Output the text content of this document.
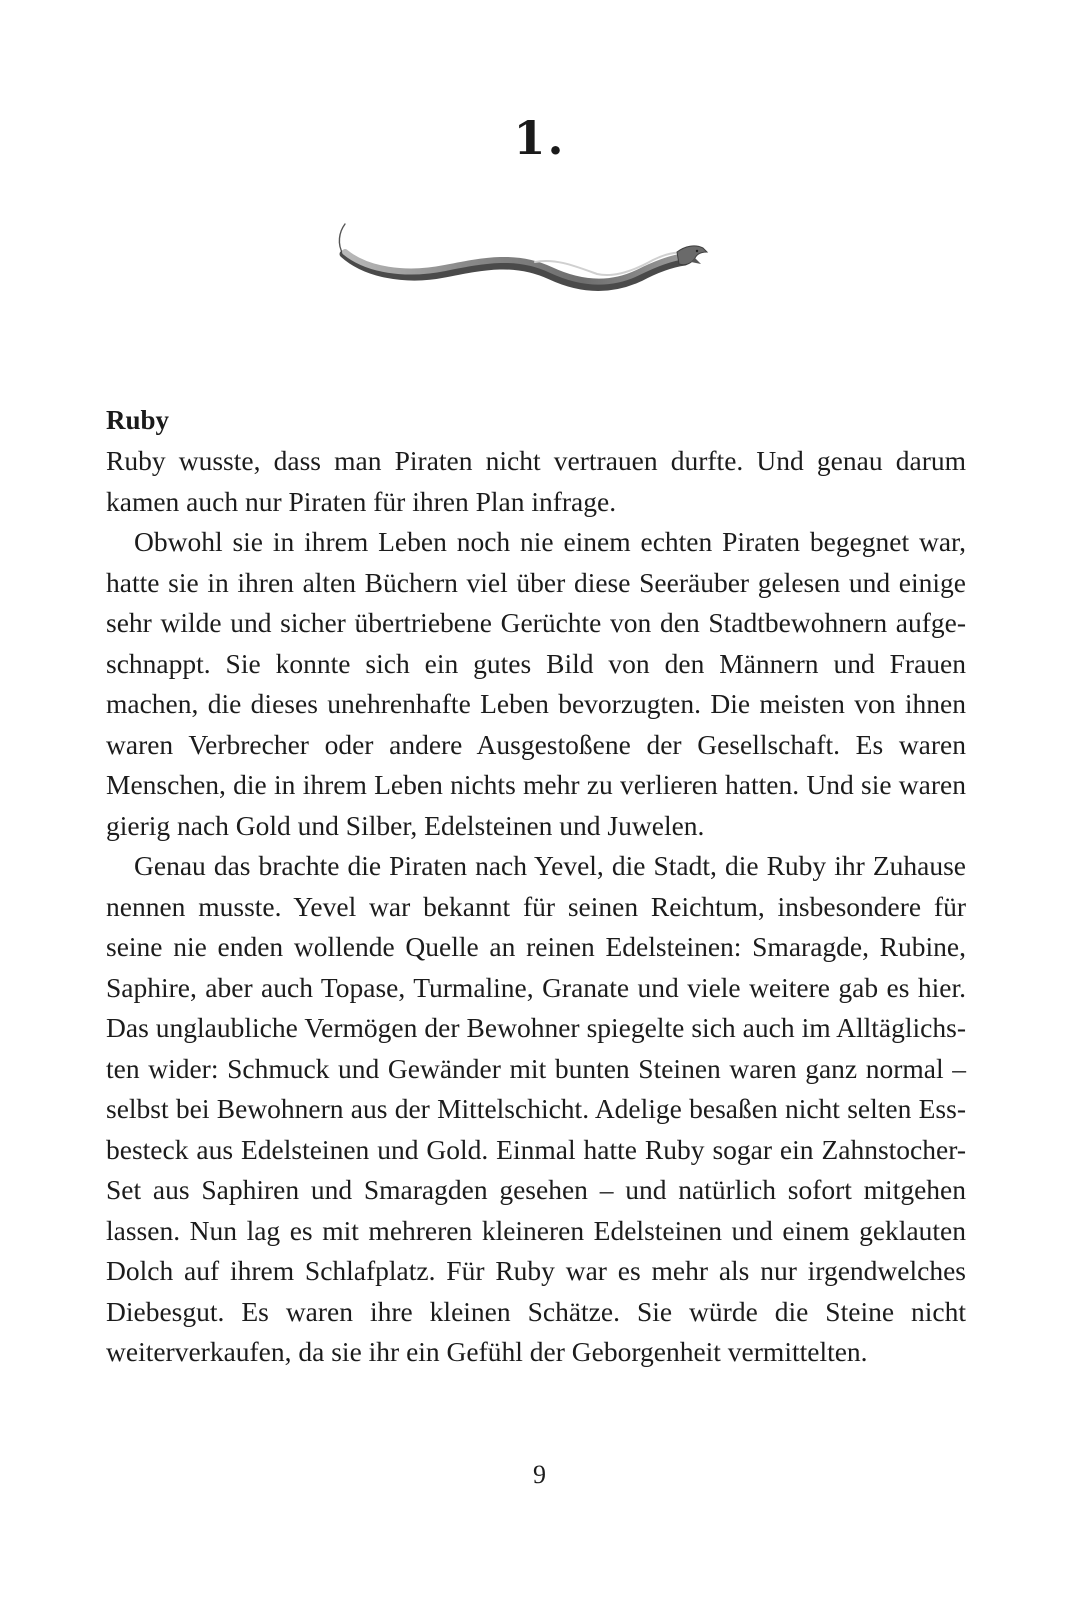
1.
Ruby

Ruby wusste, dass man Piraten nicht vertrauen durfte. Und genau darum kamen auch nur Piraten für ihren Plan infrage.

Obwohl sie in ihrem Leben noch nie einem echten Piraten begegnet war, hatte sie in ihren alten Büchern viel über diese Seeräuber gelesen und einige sehr wilde und sicher übertriebene Gerüchte von den Stadtbewohnern aufgeschnappt. Sie konnte sich ein gutes Bild von den Männern und Frauen machen, die dieses unehrenhafte Leben bevorzugten. Die meisten von ihnen waren Verbrecher oder andere Ausgestoßene der Gesellschaft. Es waren Menschen, die in ihrem Leben nichts mehr zu verlieren hatten. Und sie waren gierig nach Gold und Silber, Edelsteinen und Juwelen.

Genau das brachte die Piraten nach Yevel, die Stadt, die Ruby ihr Zuhause nennen musste. Yevel war bekannt für seinen Reichtum, insbesondere für seine nie enden wollende Quelle an reinen Edelsteinen: Smaragde, Rubine, Saphire, aber auch Topase, Turmaline, Granate und viele weitere gab es hier. Das unglaubliche Vermögen der Bewohner spiegelte sich auch im Alltäglichsten wider: Schmuck und Gewänder mit bunten Steinen waren ganz normal – selbst bei Bewohnern aus der Mittelschicht. Adelige besaßen nicht selten Essbesteck aus Edelsteinen und Gold. Einmal hatte Ruby sogar ein Zahnstocher-Set aus Saphiren und Smaragden gesehen – und natürlich sofort mitgehen lassen. Nun lag es mit mehreren kleineren Edelsteinen und einem geklauten Dolch auf ihrem Schlafplatz. Für Ruby war es mehr als nur irgendwelches Diebesgut. Es waren ihre kleinen Schätze. Sie würde die Steine nicht weiterverkaufen, da sie ihr ein Gefühl der Geborgenheit vermittelten.

9
